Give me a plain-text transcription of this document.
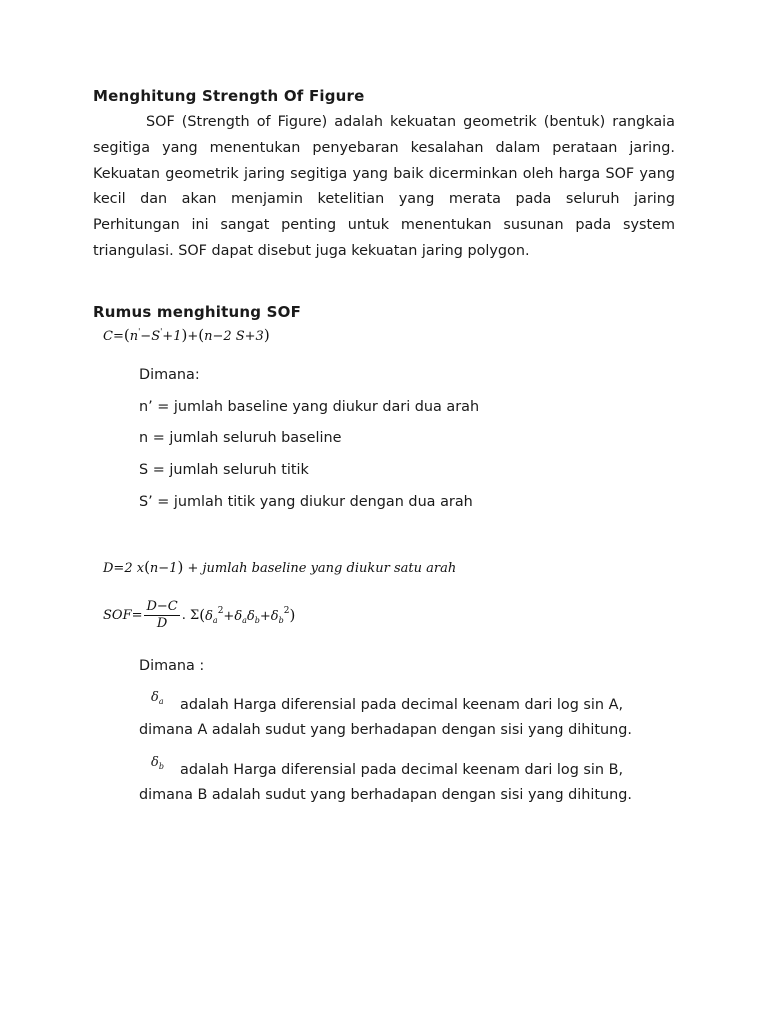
Menghitung Strength Of Figure
SOF (Strength of Figure) adalah kekuatan geometrik (bentuk) rangkaia segitiga yang menentukan penyebaran kesalahan dalam perataan jaring. Kekuatan geometrik jaring segitiga yang baik dicerminkan oleh harga SOF yang kecil dan akan menjamin ketelitian yang merata pada seluruh jaring Perhitungan ini sangat penting untuk menentukan susunan pada system triangulasi. SOF dapat disebut juga kekuatan jaring polygon.
Rumus menghitung SOF
C=(n'−S'+1)+(n−2 S+3)
Dimana:
n’ = jumlah baseline yang diukur dari dua arah
n = jumlah seluruh baseline
S = jumlah seluruh titik
S’ = jumlah titik yang diukur dengan dua arah
D=2 x(n−1) + jumlah baseline yang diukur satu arah
$SOF= \frac{D-C}{D}$ . $\Sigma(\delta_a^2+\delta_a\delta_b+\delta_b^2)$
Dimana :
$\delta_a$	adalah Harga diferensial pada decimal keenam dari log sin A,
dimana A adalah sudut yang berhadapan dengan sisi yang dihitung.
$\delta_b$	adalah Harga diferensial pada decimal keenam dari log sin B,
dimana B adalah sudut yang berhadapan dengan sisi yang dihitung.
